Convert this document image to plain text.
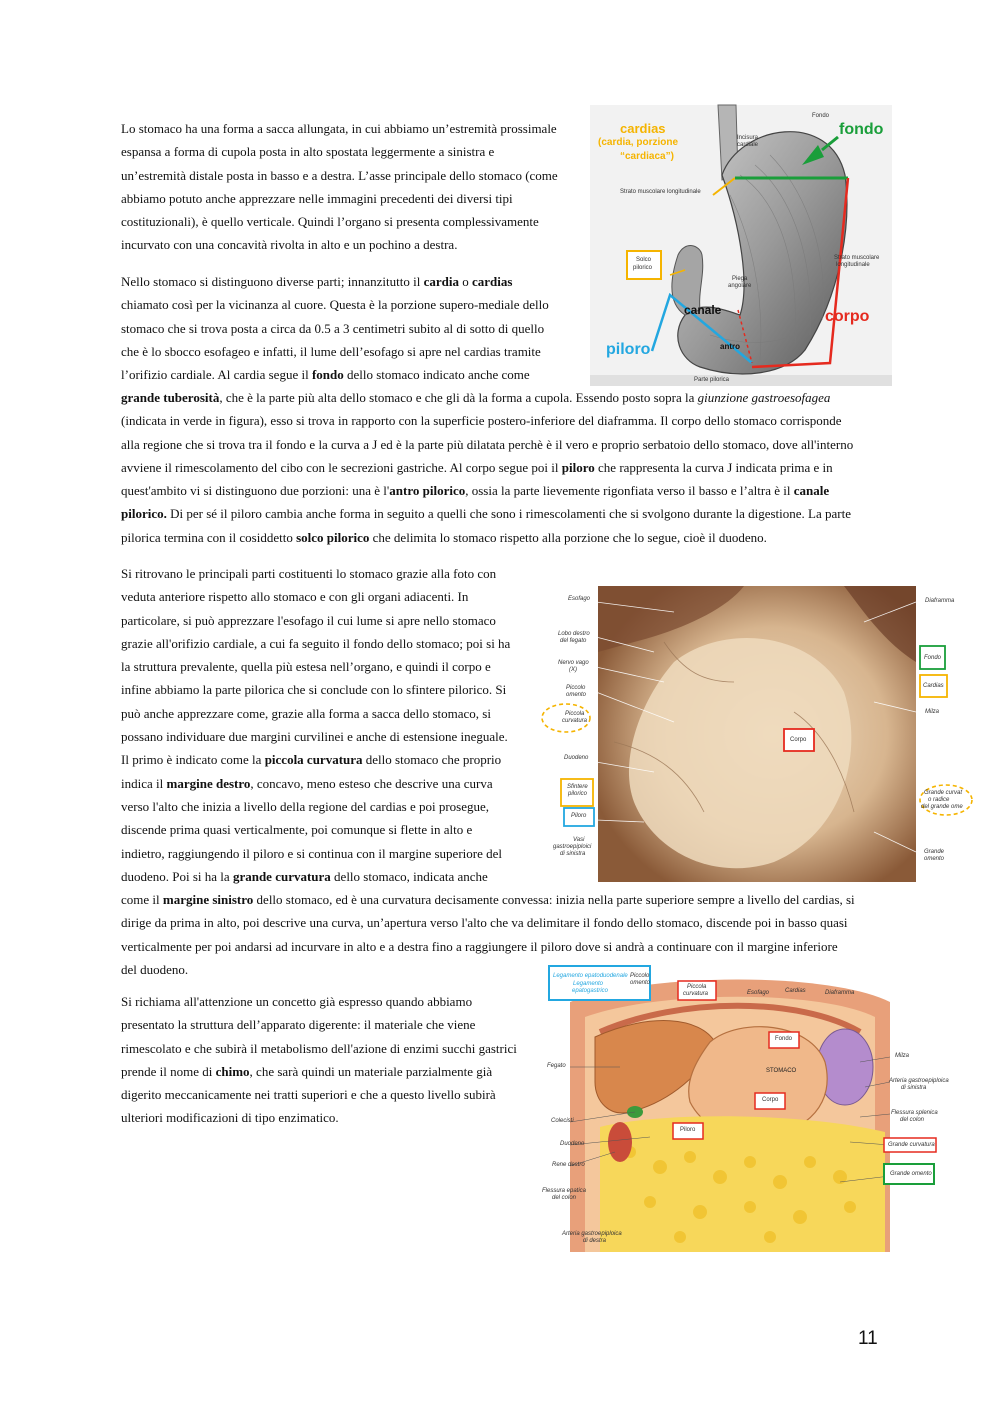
Lo stomaco ha una forma a sacca allungata, in cui abbiamo un’estremità prossimale

espansa a forma di cupola posta in alto spostata leggermente a sinistra e

un’estremità distale posta in basso e a destra. L’asse principale dello stomaco (come

abbiamo potuto anche apprezzare nelle immagini precedenti dei diversi tipi

costituzionali), è quello verticale. Quindi l’organo si presenta complessivamente

incurvato con una concavità rivolta in alto e un pochino a destra.

Nello stomaco si distinguono diverse parti; innanzitutto il cardia o cardias

chiamato così per la vicinanza al cuore. Questa è la porzione supero-mediale dello

stomaco che si trova posta a circa da 0.5 a 3 centimetri subito al di sotto di quello

che è lo sbocco esofageo e infatti, il lume dell’esofago si apre nel cardias tramite

l’orifizio cardiale. Al cardia segue il fondo dello stomaco indicato anche come

grande tuberosità, che è la parte più alta dello stomaco e che gli dà la forma a cupola. Essendo posto sopra la giunzione gastroesofagea

(indicata in verde in figura), esso si trova in rapporto con la superficie postero-inferiore del diaframma. Il corpo dello stomaco corrisponde

alla regione che si trova tra il fondo e la curva a J ed è la parte più dilatata perchè è il vero e proprio serbatoio dello stomaco, dove all'interno

avviene il rimescolamento del cibo con le secrezioni gastriche. Al corpo segue poi il piloro che rappresenta la curva J indicata prima e in

quest'ambito vi si distinguono due porzioni: una è l'antro pilorico, ossia la parte lievemente rigonfiata verso il basso e l’altra è il canale

pilorico. Di per sé il piloro cambia anche forma in seguito a quelli che sono i rimescolamenti che si svolgono durante la digestione. La parte

pilorica termina con il cosiddetto solco pilorico che delimita lo stomaco rispetto alla porzione che lo segue, cioè il duodeno.

Si ritrovano le principali parti costituenti lo stomaco grazie alla foto con

veduta anteriore rispetto allo stomaco e con gli organi adiacenti. In

particolare, si può apprezzare l'esofago il cui lume si apre nello stomaco

grazie all'orifizio cardiale, a cui fa seguito il fondo dello stomaco; poi si ha

la struttura prevalente, quella più estesa nell’organo, e quindi il corpo e

infine abbiamo la parte pilorica che si conclude con lo sfintere pilorico. Si

può anche apprezzare come, grazie alla forma a sacca dello stomaco, si

possano individuare due margini curvilinei e anche di estensione ineguale.

Il primo è indicato come la piccola curvatura dello stomaco che proprio

indica il margine destro, concavo, meno esteso che descrive una curva

verso l'alto che inizia a livello della regione del cardias e poi prosegue,

discende prima quasi verticalmente, poi comunque si flette in alto e

indietro, raggiungendo il piloro e si continua con il margine superiore del

duodeno. Poi si ha la grande curvatura dello stomaco, indicata anche

come il margine sinistro dello stomaco, ed è una curvatura decisamente convessa: inizia nella parte superiore sempre a livello del cardias, si

dirige da prima in alto, poi descrive una curva, un’apertura verso l'alto che va delimitare il fondo dello stomaco, discende poi in basso quasi

verticalmente per poi andarsi ad incurvare in alto e a destra fino a raggiungere il piloro dove si andrà a continuare con il margine inferiore

del duodeno.

Si richiama all'attenzione un concetto già espresso quando abbiamo

presentato la struttura dell’apparato digerente: il materiale che viene

rimescolato e che subirà il metabolismo dell'azione di enzimi succhi gastrici

prende il nome di chimo, che sarà quindi un materiale parzialmente già

digerito meccanicamente nei tratti superiori e che a questo livello subirà

ulteriori modificazioni di tipo enzimatico.

cardias
(cardia, porzione
“cardiaca”)
fondo
corpo
canale
piloro	antro
Fondo
Incisura
cardiale
Strato muscolare longitudinale
Solco
pilorico
Piega
angolare
Strato muscolare
longitudinale
Parte pilorica
Esofago
Lobo destro
del fegato
Nervo vago
(X)
Piccolo
omento
Piccola
curvatura
Duodeno
Sfintere
pilorico
Piloro
Vasi
gastroepiploici
di sinistra
Diaframma
Fondo
Cardias
Milza
Corpo
Grande curvat
o radice
del grande ome
Grande
omento
Legamento epatoduodenale
Legamento
epatogastrico
Piccolo
omento
Piccola
curvatura	Esofago	Cardias	Diaframma
Fondo
STOMACO
Corpo
Piloro
Fegato
Colecisti
Duodeno
Rene destro
Flessura epatica
del colon
Arteria gastroepiploica
di destra
Milza
Arteria gastroepiploica
di sinistra
Flessura splenica
del colon
Grande curvatura
Grande omento
11
